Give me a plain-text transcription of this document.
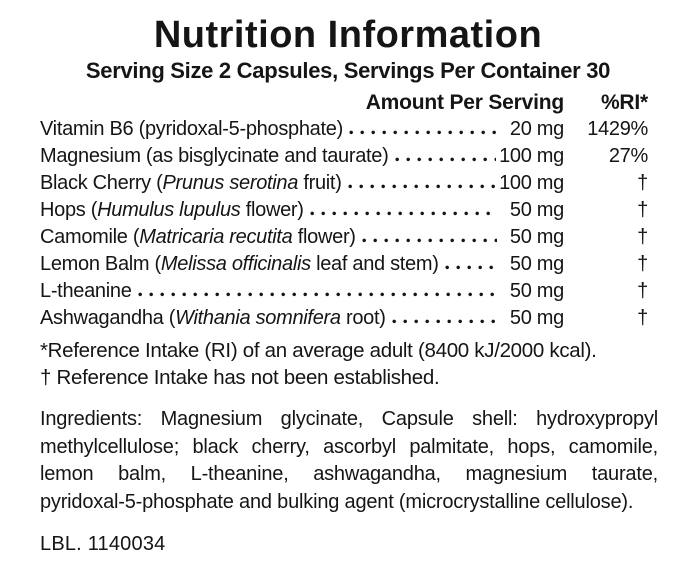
Nutrition Information
Serving Size 2 Capsules, Servings Per Container 30
Amount Per Serving	%RI*
Vitamin B6 (pyridoxal-5-phosphate)	20 mg	1429%
Magnesium (as bisglycinate and taurate)	100 mg	27%
Black Cherry (Prunus serotina fruit)	100 mg	†
Hops (Humulus lupulus flower)	50 mg	†
Camomile (Matricaria recutita flower)	50 mg	†
Lemon Balm (Melissa officinalis leaf and stem)	50 mg	†
L-theanine	50 mg	†
Ashwagandha (Withania somnifera root)	50 mg	†
*Reference Intake (RI) of an average adult (8400 kJ/2000 kcal).
† Reference Intake has not been established.
Ingredients: Magnesium glycinate, Capsule shell: hydroxypropyl
methylcellulose; black cherry, ascorbyl palmitate, hops, camomile,
lemon balm, L-theanine, ashwagandha, magnesium taurate,
pyridoxal-5-phosphate and bulking agent (microcrystalline cellulose).
LBL. 1140034
